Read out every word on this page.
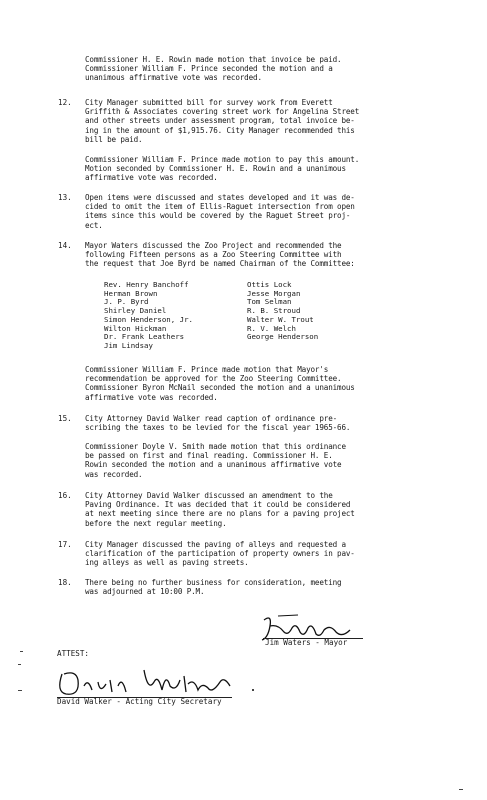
Commissioner H. E. Rowin made motion that invoice be paid.
Commissioner William F. Prince seconded the motion and a
unanimous affirmative vote was recorded.
12. City Manager submitted bill for survey work from Everett
Griffith & Associates covering street work for Angelina Street
and other streets under assessment program, total invoice be-
ing in the amount of $1,915.76. City Manager recommended this
bill be paid.
Commissioner William F. Prince made motion to pay this amount.
Motion seconded by Commissioner H. E. Rowin and a unanimous
affirmative vote was recorded.
13. Open items were discussed and states developed and it was de-
cided to omit the item of Ellis-Raguet intersection from open
items since this would be covered by the Raguet Street proj-
ect.
14. Mayor Waters discussed the Zoo Project and recommended the
following Fifteen persons as a Zoo Steering Committee with
the request that Joe Byrd be named Chairman of the Committee:
Rev. Henry Banchoff
Herman Brown
J. P. Byrd
Shirley Daniel
Simon Henderson, Jr.
Wilton Hickman
Dr. Frank Leathers
Jim Lindsay
Ottis Lock
Jesse Morgan
Tom Selman
R. B. Stroud
Walter W. Trout
R. V. Welch
George Henderson
Commissioner William F. Prince made motion that Mayor's
recommendation be approved for the Zoo Steering Committee.
Commissioner Byron McNail seconded the motion and a unanimous
affirmative vote was recorded.
15. City Attorney David Walker read caption of ordinance pre-
scribing the taxes to be levied for the fiscal year 1965-66.
Commissioner Doyle V. Smith made motion that this ordinance
be passed on first and final reading. Commissioner H. E.
Rowin seconded the motion and a unanimous affirmative vote
was recorded.
16. City Attorney David Walker discussed an amendment to the
Paving Ordinance. It was decided that it could be considered
at next meeting since there are no plans for a paving project
before the next regular meeting.
17. City Manager discussed the paving of alleys and requested a
clarification of the participation of property owners in pav-
ing alleys as well as paving streets.
18. There being no further business for consideration, meeting
was adjourned at 10:00 P.M.
Jim Waters - Mayor
ATTEST:
David Walker - Acting City Secretary
